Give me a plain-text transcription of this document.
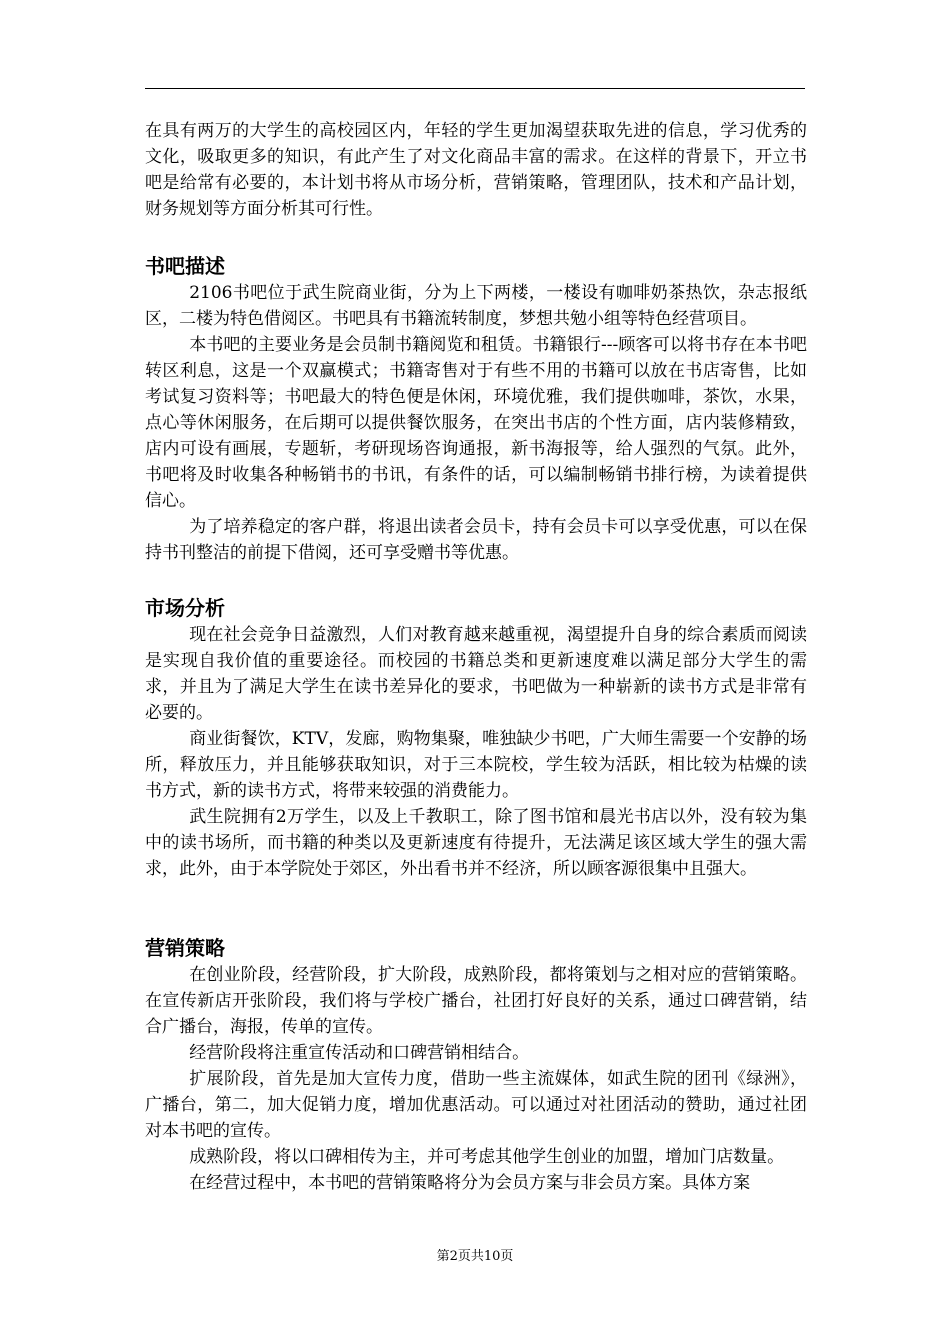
在具有两万的大学生的高校园区内，年轻的学生更加渴望获取先进的信息，学习优秀的文化，吸取更多的知识，有此产生了对文化商品丰富的需求。在这样的背景下，开立书吧是给常有必要的，本计划书将从市场分析，营销策略，管理团队，技术和产品计划，财务规划等方面分析其可行性。

书吧描述

2106书吧位于武生院商业街，分为上下两楼，一楼设有咖啡奶茶热饮，杂志报纸区，二楼为特色借阅区。书吧具有书籍流转制度，梦想共勉小组等特色经营项目。

本书吧的主要业务是会员制书籍阅览和租赁。书籍银行---顾客可以将书存在本书吧转区利息，这是一个双赢模式；书籍寄售对于有些不用的书籍可以放在书店寄售，比如考试复习资料等；书吧最大的特色便是休闲，环境优雅，我们提供咖啡，茶饮，水果，点心等休闲服务，在后期可以提供餐饮服务，在突出书店的个性方面，店内装修精致，店内可设有画展，专题斩，考研现场咨询通报，新书海报等，给人强烈的气氛。此外，书吧将及时收集各种畅销书的书讯，有条件的话，可以编制畅销书排行榜，为读着提供信心。

为了培养稳定的客户群，将退出读者会员卡，持有会员卡可以享受优惠，可以在保持书刊整洁的前提下借阅，还可享受赠书等优惠。

市场分析

现在社会竞争日益激烈，人们对教育越来越重视，渴望提升自身的综合素质而阅读是实现自我价值的重要途径。而校园的书籍总类和更新速度难以满足部分大学生的需求，并且为了满足大学生在读书差异化的要求，书吧做为一种崭新的读书方式是非常有必要的。

商业街餐饮，KTV，发廊，购物集聚，唯独缺少书吧，广大师生需要一个安静的场所，释放压力，并且能够获取知识，对于三本院校，学生较为活跃，相比较为枯燥的读书方式，新的读书方式，将带来较强的消费能力。

武生院拥有2万学生，以及上千教职工，除了图书馆和晨光书店以外，没有较为集中的读书场所，而书籍的种类以及更新速度有待提升，无法满足该区域大学生的强大需求，此外，由于本学院处于郊区，外出看书并不经济，所以顾客源很集中且强大。

营销策略

在创业阶段，经营阶段，扩大阶段，成熟阶段，都将策划与之相对应的营销策略。在宣传新店开张阶段，我们将与学校广播台，社团打好良好的关系，通过口碑营销，结合广播台，海报，传单的宣传。

经营阶段将注重宣传活动和口碑营销相结合。

扩展阶段，首先是加大宣传力度，借助一些主流媒体，如武生院的团刊《绿洲》，广播台，第二，加大促销力度，增加优惠活动。可以通过对社团活动的赞助，通过社团对本书吧的宣传。

成熟阶段，将以口碑相传为主，并可考虑其他学生创业的加盟，增加门店数量。

在经营过程中，本书吧的营销策略将分为会员方案与非会员方案。具体方案

第2页共10页
